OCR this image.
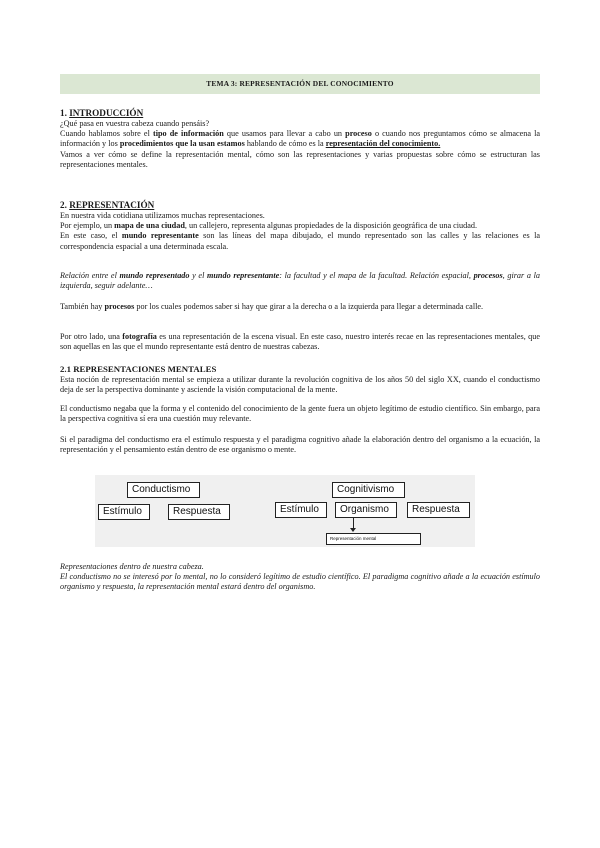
TEMA 3: REPRESENTACIÓN DEL CONOCIMIENTO
1. INTRODUCCIÓN

¿Qué pasa en vuestra cabeza cuando pensáis?

Cuando hablamos sobre el tipo de información que usamos para llevar a cabo un proceso o cuando nos preguntamos cómo se almacena la información y los procedimientos que la usan estamos hablando de cómo es la representación del conocimiento.

Vamos a ver cómo se define la representación mental, cómo son las representaciones y varias propuestas sobre cómo se estructuran las representaciones mentales.

2. REPRESENTACIÓN

En nuestra vida cotidiana utilizamos muchas representaciones.

Por ejemplo, un mapa de una ciudad, un callejero, representa algunas propiedades de la disposición geográfica de una ciudad.

En este caso, el mundo representante son las líneas del mapa dibujado, el mundo representado son las calles y las relaciones es la correspondencia espacial a una determinada escala.

Relación entre el mundo representado y el mundo representante: la facultad y el mapa de la facultad. Relación espacial, procesos, girar a la izquierda, seguir adelante…

También hay procesos por los cuales podemos saber si hay que girar a la derecha o a la izquierda para llegar a determinada calle.

Por otro lado, una fotografía es una representación de la escena visual. En este caso, nuestro interés recae en las representaciones mentales, que son aquellas en las que el mundo representante está dentro de nuestras cabezas.

2.1 REPRESENTACIONES MENTALES

Esta noción de representación mental se empieza a utilizar durante la revolución cognitiva de los años 50 del siglo XX, cuando el conductismo deja de ser la perspectiva dominante y asciende la visión computacional de la mente.

El conductismo negaba que la forma y el contenido del conocimiento de la gente fuera un objeto legítimo de estudio científico. Sin embargo, para la perspectiva cognitiva sí era una cuestión muy relevante.

Si el paradigma del conductismo era el estímulo respuesta y el paradigma cognitivo añade la elaboración dentro del organismo a la ecuación, la representación y el pensamiento están dentro de ese organismo o mente.

Representaciones dentro de nuestra cabeza.

El conductismo no se interesó por lo mental, no lo consideró legítimo de estudio científico. El paradigma cognitivo añade a la ecuación estímulo organismo y respuesta, la representación mental estará dentro del organismo.

Conductismo
Estímulo	Respuesta
Cognitivismo
Estímulo	Organismo	Respuesta
Representación mental
